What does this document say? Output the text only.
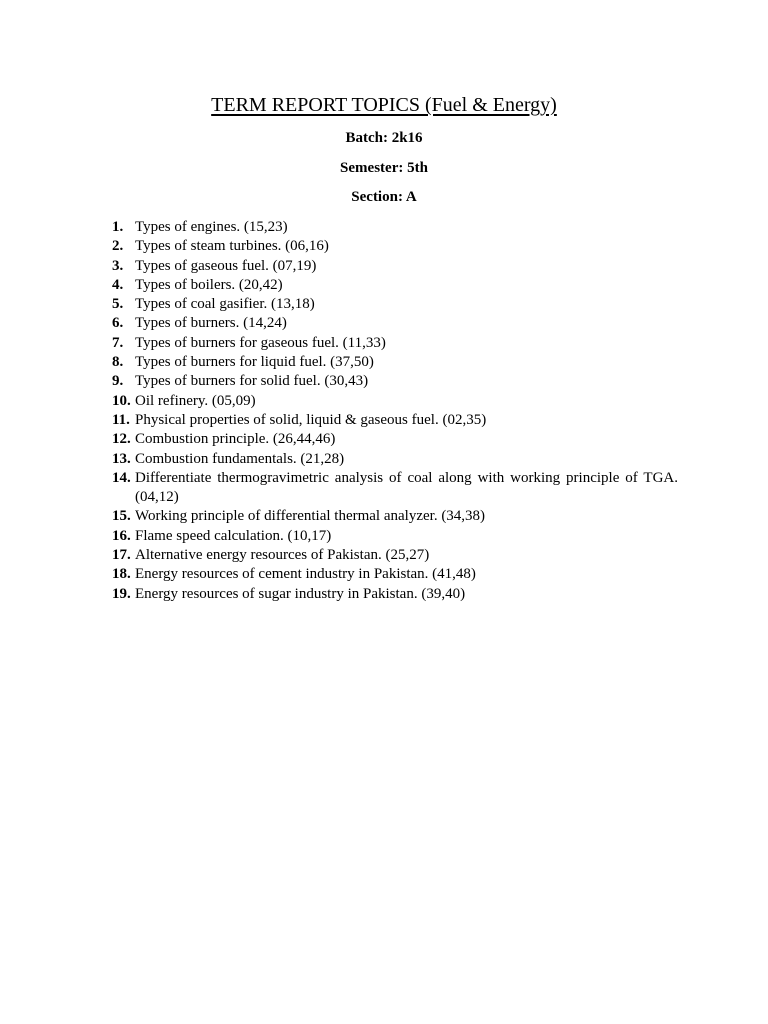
TERM REPORT TOPICS (Fuel & Energy)
Batch: 2k16
Semester: 5th
Section: A
1. Types of engines. (15,23)
2. Types of steam turbines. (06,16)
3. Types of gaseous fuel. (07,19)
4. Types of boilers. (20,42)
5. Types of coal gasifier. (13,18)
6. Types of burners. (14,24)
7. Types of burners for gaseous fuel. (11,33)
8. Types of burners for liquid fuel. (37,50)
9. Types of burners for solid fuel. (30,43)
10. Oil refinery. (05,09)
11. Physical properties of solid, liquid & gaseous fuel. (02,35)
12. Combustion principle. (26,44,46)
13. Combustion fundamentals. (21,28)
14. Differentiate thermogravimetric analysis of coal along with working principle of TGA. (04,12)
15. Working principle of differential thermal analyzer. (34,38)
16. Flame speed calculation. (10,17)
17. Alternative energy resources of Pakistan. (25,27)
18. Energy resources of cement industry in Pakistan. (41,48)
19. Energy resources of sugar industry in Pakistan. (39,40)
